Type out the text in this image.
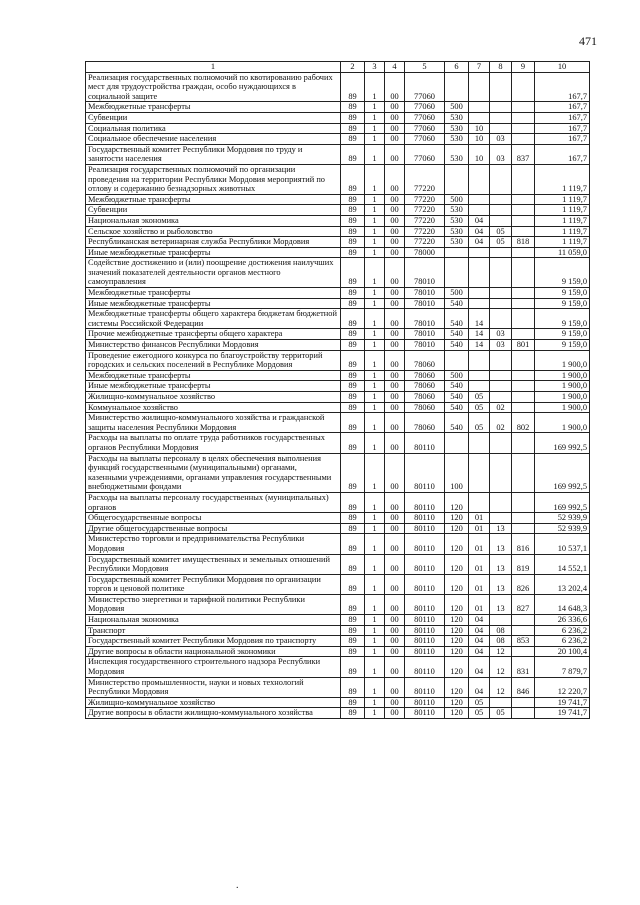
471
1	2	3	4	5	6	7	8	9	10
Реализация государственных полномочий по квотированию рабочих мест для трудоустройства граждан, особо нуждающихся в социальной защите	89	1	00	77060					167,7
Межбюджетные трансферты	89	1	00	77060	500				167,7
Субвенции	89	1	00	77060	530				167,7
Социальная политика	89	1	00	77060	530	10			167,7
Социальное обеспечение населения	89	1	00	77060	530	10	03		167,7
Государственный комитет Республики Мордовия по труду и занятости населения	89	1	00	77060	530	10	03	837	167,7
Реализация государственных полномочий по организации проведения на территории Республики Мордовия мероприятий по отлову и содержанию безнадзорных животных	89	1	00	77220					1 119,7
Межбюджетные трансферты	89	1	00	77220	500				1 119,7
Субвенции	89	1	00	77220	530				1 119,7
Национальная экономика	89	1	00	77220	530	04			1 119,7
Сельское хозяйство и рыболовство	89	1	00	77220	530	04	05		1 119,7
Республиканская ветеринарная служба Республики Мордовия	89	1	00	77220	530	04	05	818	1 119,7
Иные межбюджетные трансферты	89	1	00	78000					11 059,0
Содействие достижению и (или) поощрение достижения наилучших значений показателей деятельности органов местного самоуправления	89	1	00	78010					9 159,0
Межбюджетные трансферты	89	1	00	78010	500				9 159,0
Иные межбюджетные трансферты	89	1	00	78010	540				9 159,0
Межбюджетные трансферты общего характера бюджетам бюджетной системы Российской Федерации	89	1	00	78010	540	14			9 159,0
Прочие межбюджетные трансферты общего характера	89	1	00	78010	540	14	03		9 159,0
Министерство финансов Республики Мордовия	89	1	00	78010	540	14	03	801	9 159,0
Проведение ежегодного конкурса по благоустройству территорий городских и сельских поселений в Республике Мордовия	89	1	00	78060					1 900,0
Межбюджетные трансферты	89	1	00	78060	500				1 900,0
Иные межбюджетные трансферты	89	1	00	78060	540				1 900,0
Жилищно-коммунальное хозяйство	89	1	00	78060	540	05			1 900,0
Коммунальное хозяйство	89	1	00	78060	540	05	02		1 900,0
Министерство жилищно-коммунального хозяйства и гражданской защиты населения Республики Мордовия	89	1	00	78060	540	05	02	802	1 900,0
Расходы на выплаты по оплате труда работников государственных органов Республики Мордовия	89	1	00	80110					169 992,5
Расходы на выплаты персоналу в целях обеспечения выполнения функций государственными (муниципальными) органами, казенными учреждениями, органами управления государственными внебюджетными фондами	89	1	00	80110	100				169 992,5
Расходы на выплаты персоналу государственных (муниципальных) органов	89	1	00	80110	120				169 992,5
Общегосударственные вопросы	89	1	00	80110	120	01			52 939,9
Другие общегосударственные вопросы	89	1	00	80110	120	01	13		52 939,9
Министерство торговли и предпринимательства Республики Мордовия	89	1	00	80110	120	01	13	816	10 537,1
Государственный комитет имущественных и земельных отношений Республики Мордовия	89	1	00	80110	120	01	13	819	14 552,1
Государственный комитет Республики Мордовия по организации торгов и ценовой политике	89	1	00	80110	120	01	13	826	13 202,4
Министерство энергетики и тарифной политики Республики Мордовия	89	1	00	80110	120	01	13	827	14 648,3
Национальная экономика	89	1	00	80110	120	04			26 336,6
Транспорт	89	1	00	80110	120	04	08		6 236,2
Государственный комитет Республики Мордовия по транспорту	89	1	00	80110	120	04	08	853	6 236,2
Другие вопросы в области национальной экономики	89	1	00	80110	120	04	12		20 100,4
Инспекция государственного строительного надзора Республики Мордовия	89	1	00	80110	120	04	12	831	7 879,7
Министерство промышленности, науки и новых технологий Республики Мордовия	89	1	00	80110	120	04	12	846	12 220,7
Жилищно-коммунальное хозяйство	89	1	00	80110	120	05			19 741,7
Другие вопросы в области жилищно-коммунального хозяйства	89	1	00	80110	120	05	05		19 741,7
.
